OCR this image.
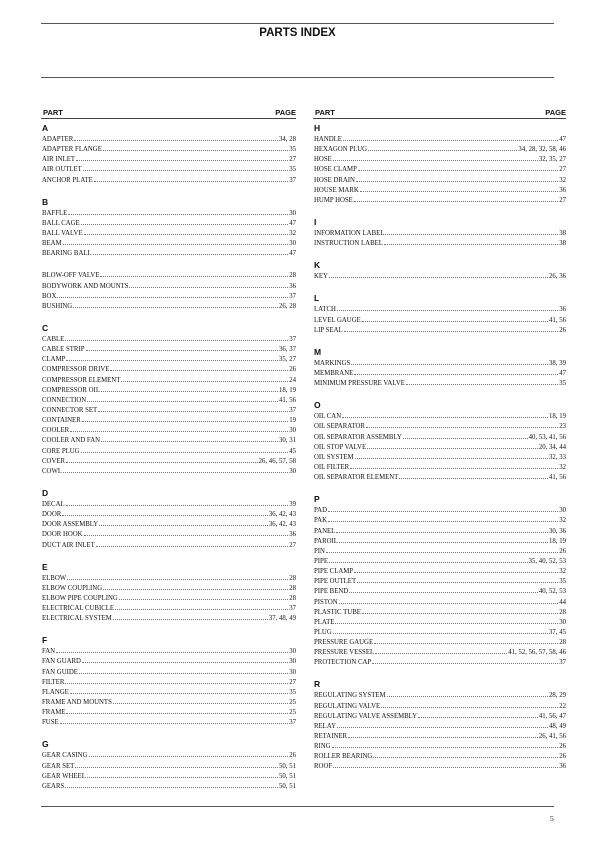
PARTS INDEX
PART	PAGE
A
ADAPTER	34, 28
ADAPTER FLANGE	35
AIR INLET	27
AIR OUTLET	35
ANCHOR PLATE	37
B
BAFFLE	30
BALL CAGE	47
BALL VALVE	32
BEAM	30
BEARING BALL	47
BLOW-OFF VALVE	28
BODYWORK AND MOUNTS	36
BOX	37
BUSHING	26, 28
C
CABLE	37
CABLE STRIP	36, 37
CLAMP	35, 27
COMPRESSOR DRIVE	26
COMPRESSOR ELEMENT	24
COMPRESSOR OIL	18, 19
CONNECTION	41, 56
CONNECTOR SET	37
CONTAINER	19
COOLER	30
COOLER AND FAN	30, 31
CORE PLUG	45
COVER	26, 46, 57, 58
COWL	30
D
DECAL	39
DOOR	36, 42, 43
DOOR ASSEMBLY	36, 42, 43
DOOR HOOK	36
DUCT AIR INLET	27
E
ELBOW	28
ELBOW COUPLING	28
ELBOW PIPE COUPLING	28
ELECTRICAL CUBICLE	37
ELECTRICAL SYSTEM	37, 48, 49
F
FAN	30
FAN GUARD	30
FAN GUIDE	30
FILTER	27
FLANGE	35
FRAME AND MOUNTS	25
FRAME	25
FUSE	37
G
GEAR CASING	26
GEAR SET	50, 51
GEAR WHEEL	50, 51
GEARS	50, 51
PART	PAGE
H
HANDLE	47
HEXAGON PLUG	34, 28, 32, 58, 46
HOSE	32, 35, 27
HOSE CLAMP	27
HOSE DRAIN	32
HOUSE MARK	36
HUMP HOSE	27
I
INFORMATION LABEL	38
INSTRUCTION LABEL	38
K
KEY	26, 36
L
LATCH	36
LEVEL GAUGE	41, 56
LIP SEAL	26
M
MARKINGS	38, 39
MEMBRANE	47
MINIMUM PRESSURE VALVE	35
O
OIL CAN	18, 19
OIL SEPARATOR	23
OIL SEPARATOR ASSEMBLY	40, 53, 41, 56
OIL STOP VALVE	20, 34, 44
OIL SYSTEM	32, 33
OIL FILTER	32
OIL SEPARATOR ELEMENT	41, 56
P
PAD	30
PAK	32
PANEL	30, 36
PAROIL	18, 19
PIN	26
PIPE	35, 40, 52, 53
PIPE CLAMP	32
PIPE OUTLET	35
PIPE BEND	40, 52, 53
PISTON	44
PLASTIC TUBE	28
PLATE	30
PLUG	37, 45
PRESSURE GAUGE	28
PRESSURE VESSEL	41, 52, 56, 57, 58, 46
PROTECTION CAP	37
R
REGULATING SYSTEM	28, 29
REGULATING VALVE	22
REGULATING VALVE ASSEMBLY	41, 56, 47
RELAY	48, 49
RETAINER	26, 41, 56
RING	26
ROLLER BEARING	26
ROOF	36
5
